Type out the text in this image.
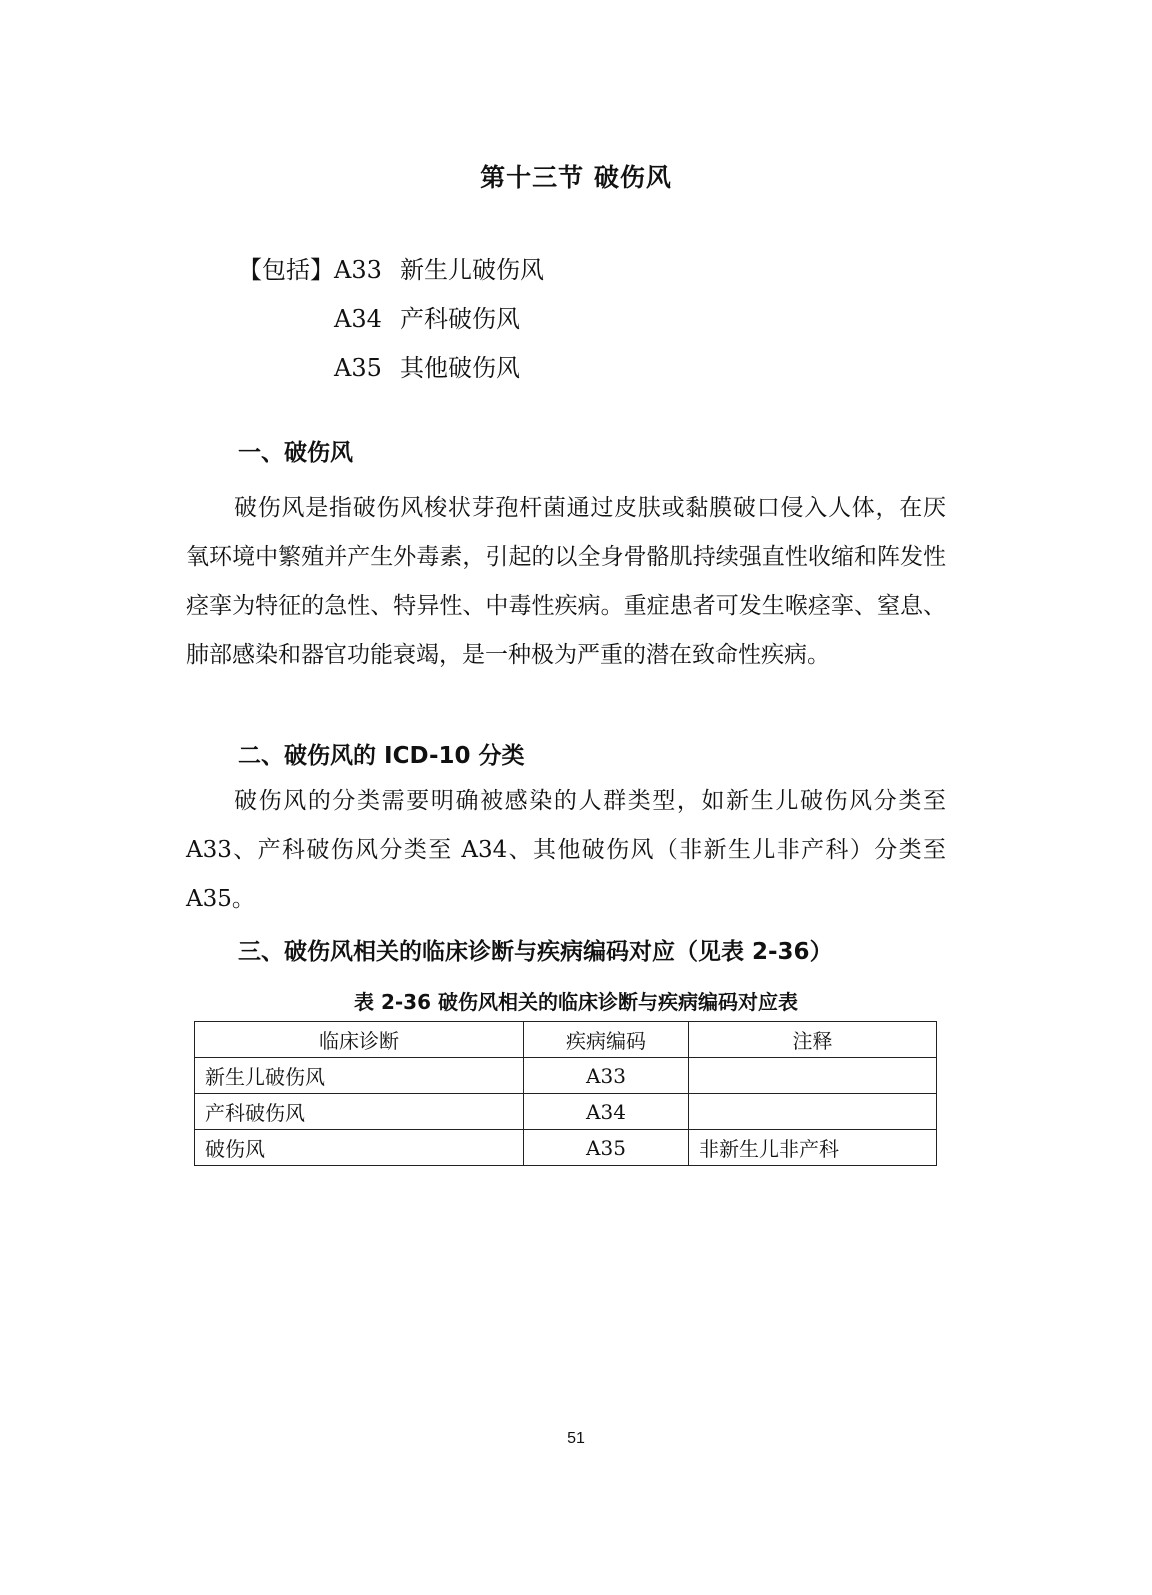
第十三节 破伤风
【包括】 A33 新生儿破伤风
A34 产科破伤风
A35 其他破伤风
一、破伤风

破伤风是指破伤风梭状芽孢杆菌通过皮肤或黏膜破口侵入人体，在厌氧环境中繁殖并产生外毒素，引起的以全身骨骼肌持续强直性收缩和阵发性痉挛为特征的急性、特异性、中毒性疾病。重症患者可发生喉痉挛、窒息、肺部感染和器官功能衰竭，是一种极为严重的潜在致命性疾病。

二、破伤风的 ICD-10 分类

破伤风的分类需要明确被感染的人群类型，如新生儿破伤风分类至A33、产科破伤风分类至 A34、其他破伤风（非新生儿非产科）分类至A35。

三、破伤风相关的临床诊断与疾病编码对应（见表 2-36）
表 2-36 破伤风相关的临床诊断与疾病编码对应表
临床诊断	疾病编码	注释
新生儿破伤风	A33	
产科破伤风	A34	
破伤风	A35	非新生儿非产科
51
